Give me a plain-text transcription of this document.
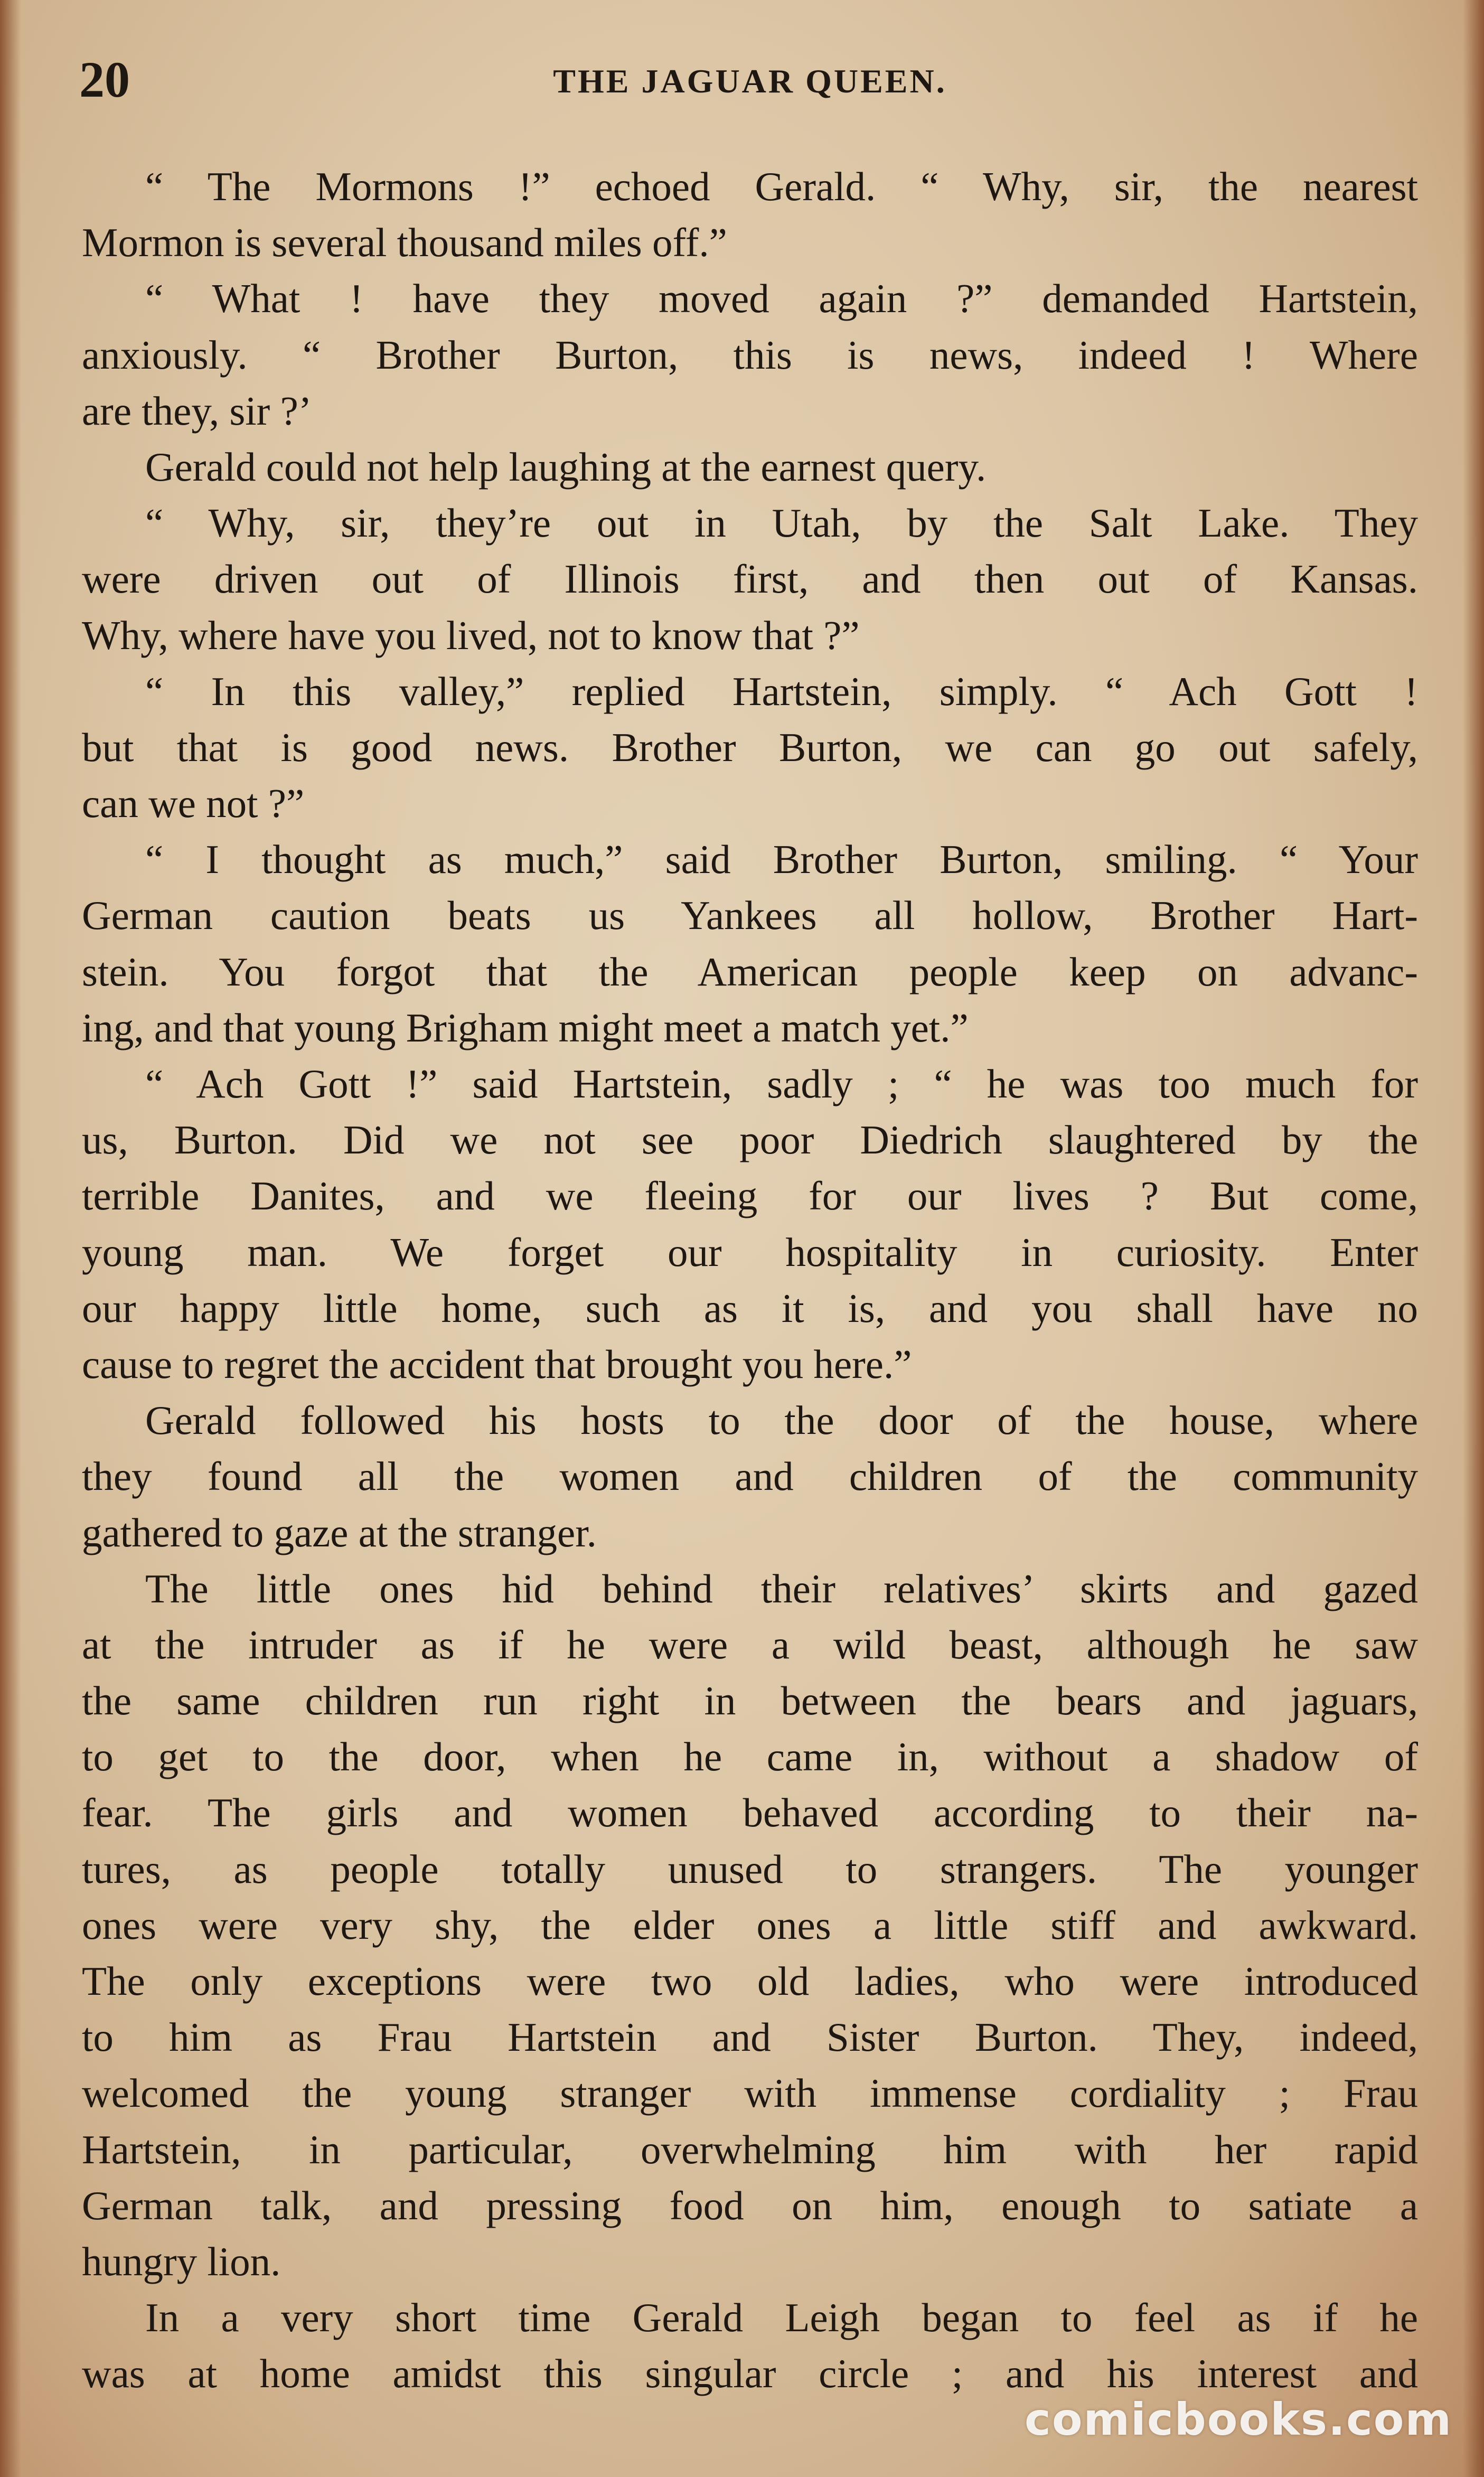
20	THE JAGUAR QUEEN.
“ The Mormons !” echoed Gerald. “ Why, sir, the nearest
Mormon is several thousand miles off.”
“ What ! have they moved again ?” demanded Hartstein,
anxiously. “ Brother Burton, this is news, indeed ! Where
are they, sir ?’
Gerald could not help laughing at the earnest query.
“ Why, sir, they’re out in Utah, by the Salt Lake. They
were driven out of Illinois first, and then out of Kansas.
Why, where have you lived, not to know that ?”
“ In this valley,” replied Hartstein, simply. “ Ach Gott !
but that is good news. Brother Burton, we can go out safely,
can we not ?”
“ I thought as much,” said Brother Burton, smiling. “ Your
German caution beats us Yankees all hollow, Brother Hart-
stein. You forgot that the American people keep on advanc-
ing, and that young Brigham might meet a match yet.”
“ Ach Gott !” said Hartstein, sadly ; “ he was too much for
us, Burton. Did we not see poor Diedrich slaughtered by the
terrible Danites, and we fleeing for our lives ? But come,
young man. We forget our hospitality in curiosity. Enter
our happy little home, such as it is, and you shall have no
cause to regret the accident that brought you here.”
Gerald followed his hosts to the door of the house, where
they found all the women and children of the community
gathered to gaze at the stranger.
The little ones hid behind their relatives’ skirts and gazed
at the intruder as if he were a wild beast, although he saw
the same children run right in between the bears and jaguars,
to get to the door, when he came in, without a shadow of
fear. The girls and women behaved according to their na-
tures, as people totally unused to strangers. The younger
ones were very shy, the elder ones a little stiff and awkward.
The only exceptions were two old ladies, who were introduced
to him as Frau Hartstein and Sister Burton. They, indeed,
welcomed the young stranger with immense cordiality ; Frau
Hartstein, in particular, overwhelming him with her rapid
German talk, and pressing food on him, enough to satiate a
hungry lion.
In a very short time Gerald Leigh began to feel as if he
was at home amidst this singular circle ; and his interest and
comicbooks.com
